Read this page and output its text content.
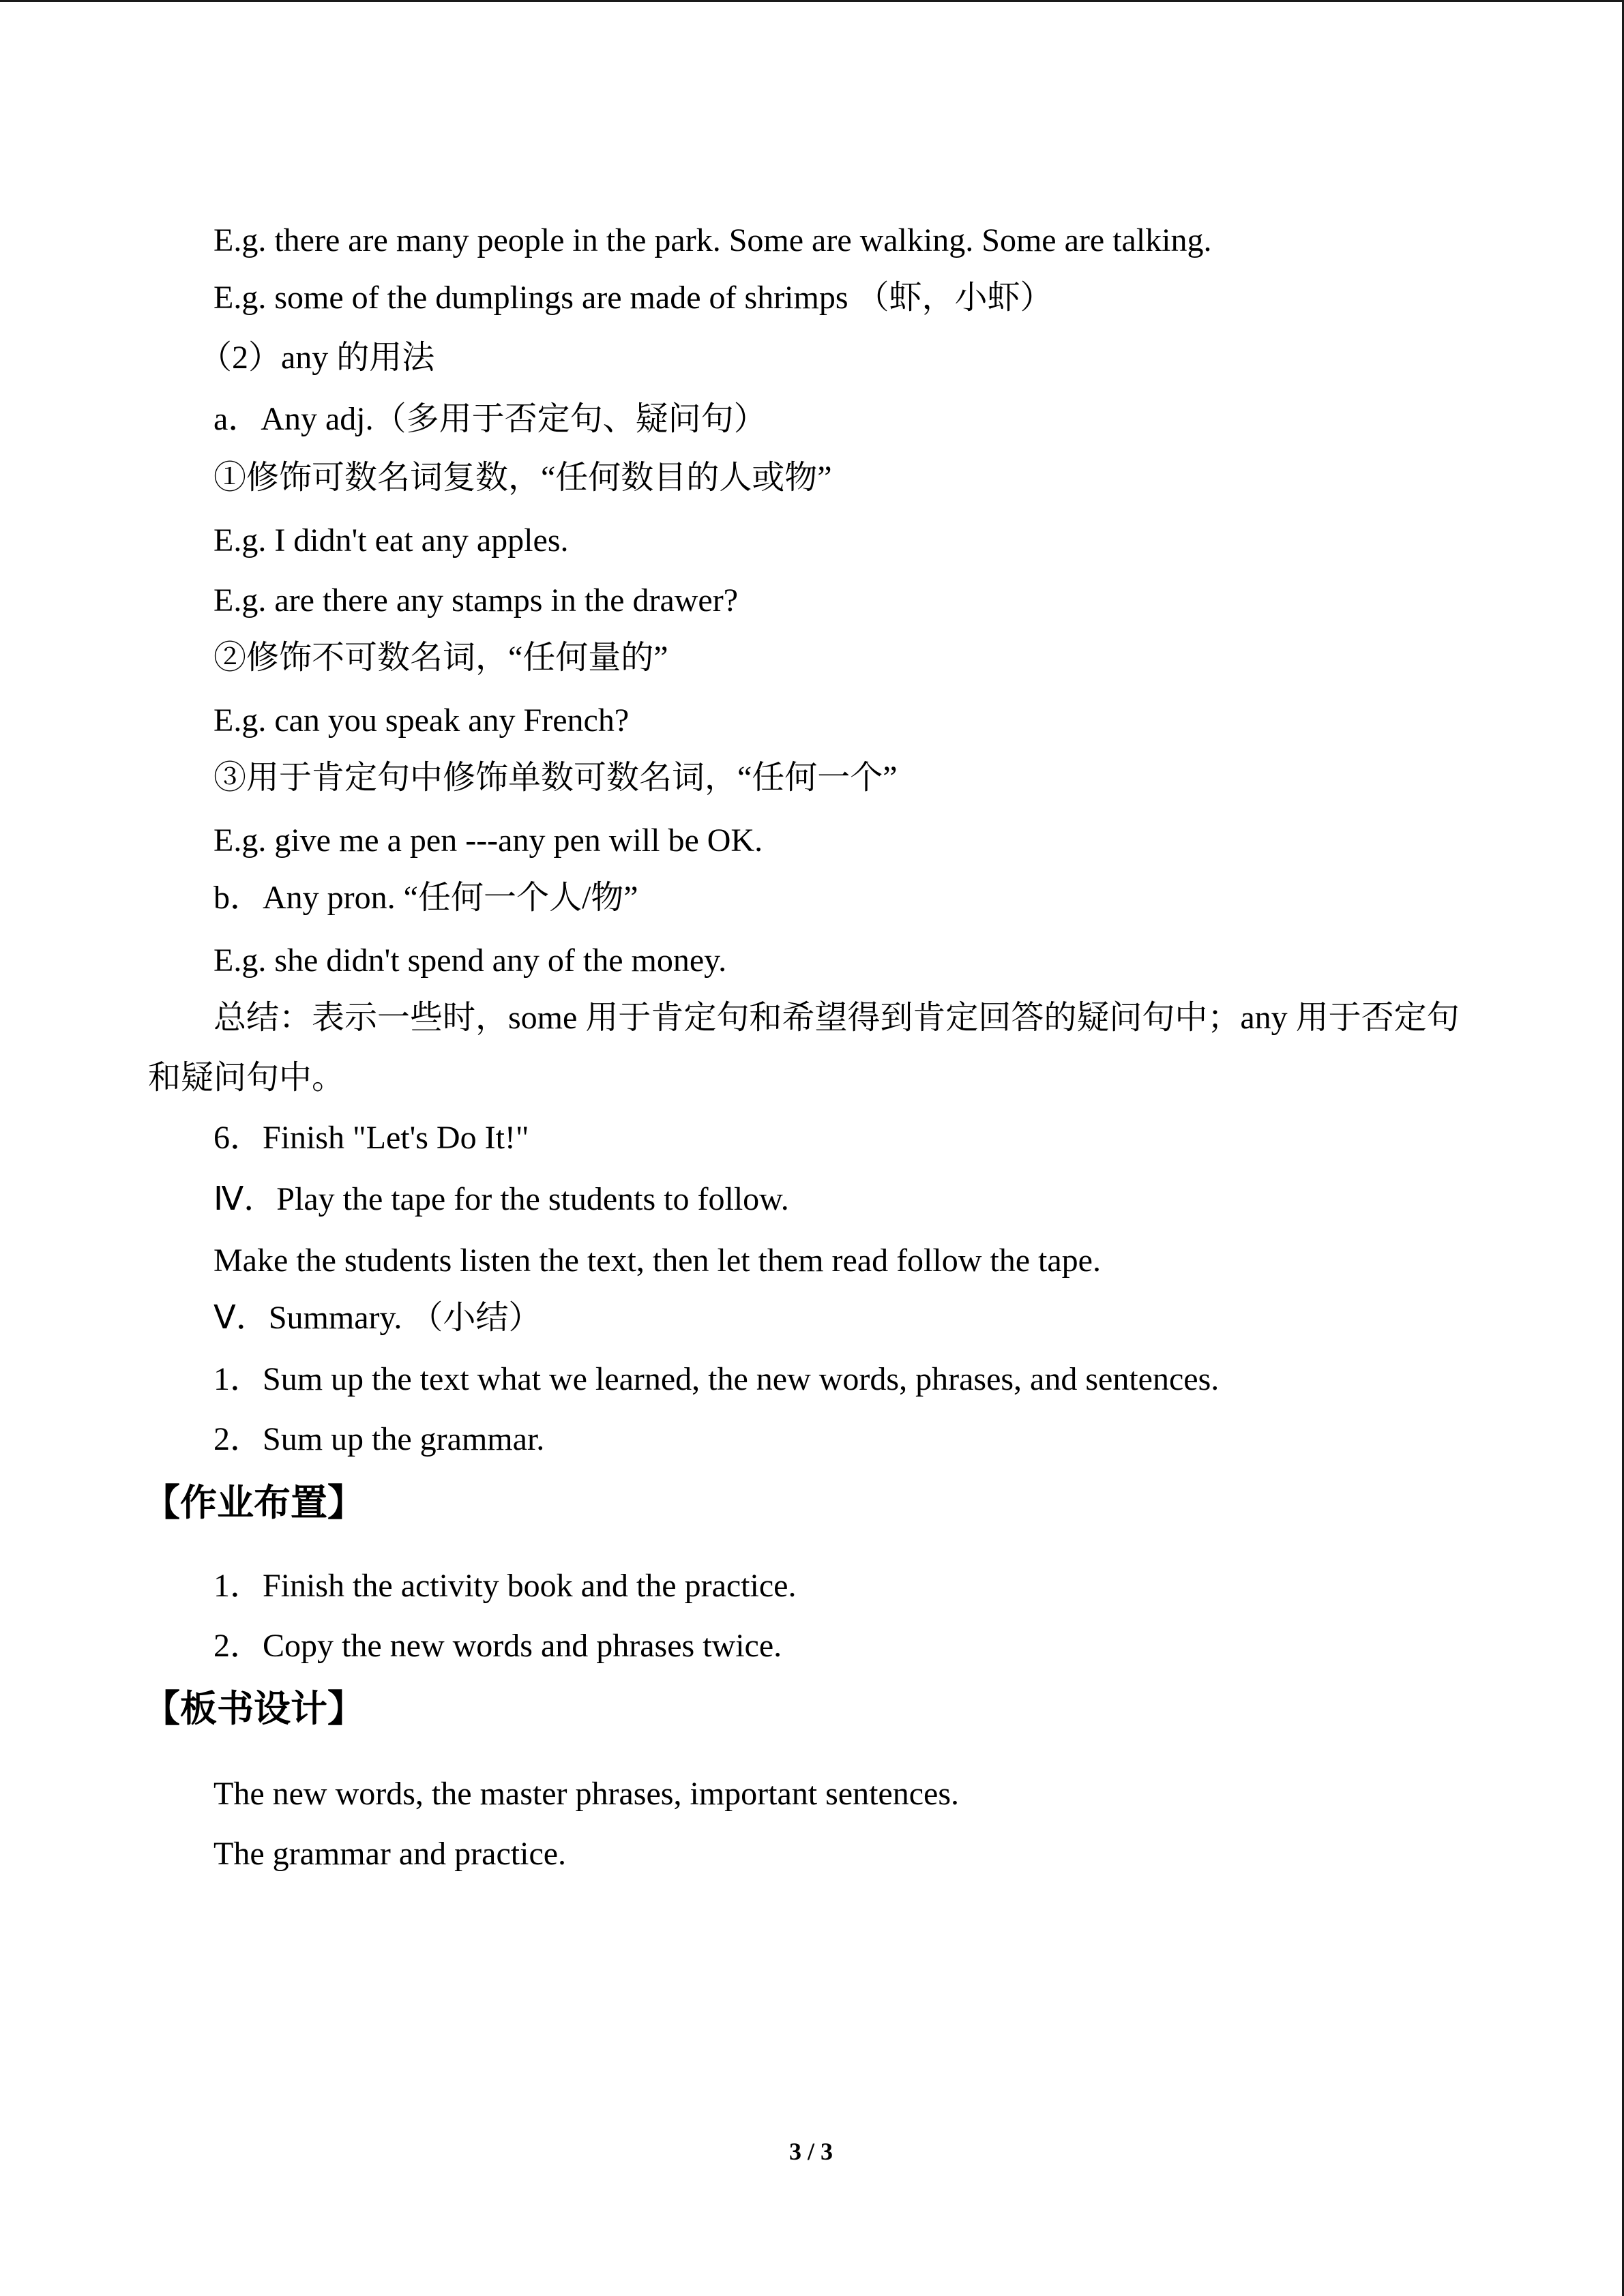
E.g. there are many people in the park. Some are walking. Some are talking.

E.g. some of the dumplings are made of shrimps （虾，小虾）

（2）any 的用法

a．Any adj.（多用于否定句、疑问句）

①修饰可数名词复数，“任何数目的人或物”

E.g. I didn't eat any apples.

E.g. are there any stamps in the drawer?

②修饰不可数名词，“任何量的”

E.g. can you speak any French?

③用于肯定句中修饰单数可数名词，“任何一个”

E.g. give me a pen ---any pen will be OK.

b．Any pron. “任何一个人/物”

E.g. she didn't spend any of the money.

总结：表示一些时，some 用于肯定句和希望得到肯定回答的疑问句中；any 用于否定句

和疑问句中。

6．Finish "Let's Do It!"

Ⅳ．Play the tape for the students to follow.

Make the students listen the text, then let them read follow the tape.

Ⅴ．Summary. （小结）

1．Sum up the text what we learned, the new words, phrases, and sentences.

2．Sum up the grammar.

【作业布置】

1．Finish the activity book and the practice.

2．Copy the new words and phrases twice.

【板书设计】

The new words, the master phrases, important sentences.

The grammar and practice.

3 / 3
